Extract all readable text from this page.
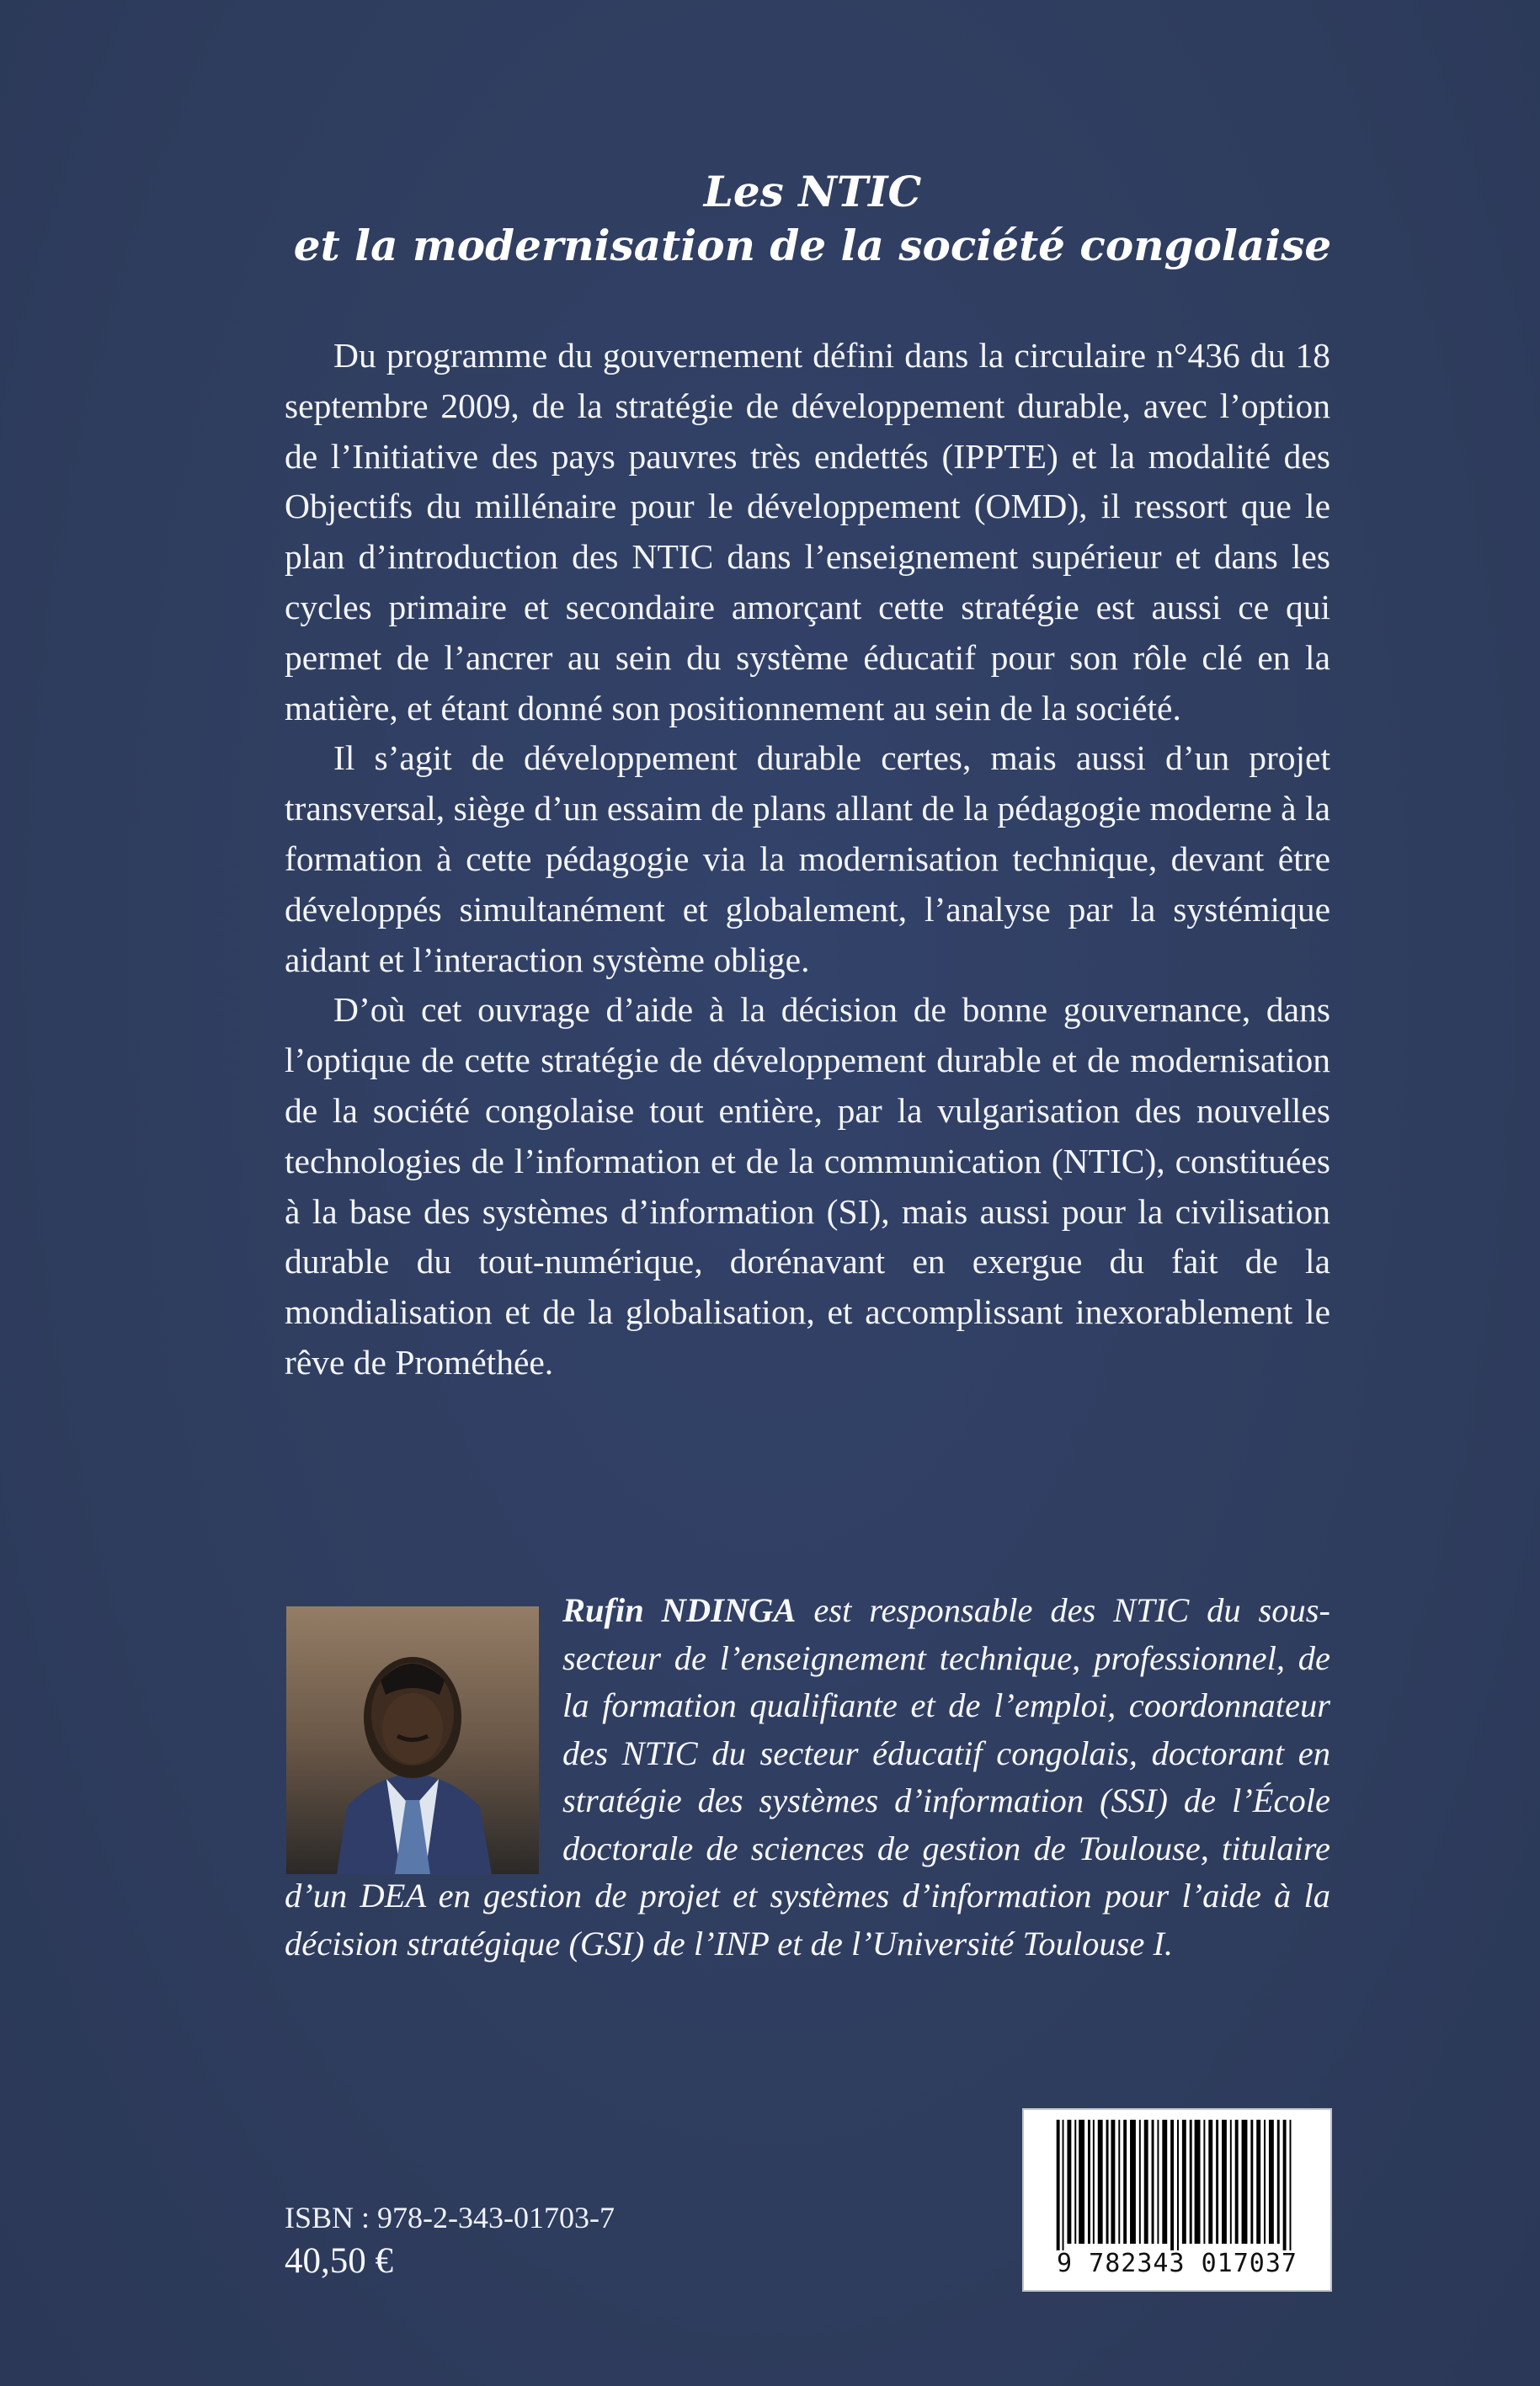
Les NTIC
et la modernisation de la société congolaise

Du programme du gouvernement défini dans la circulaire n°436 du 18 septembre 2009, de la stratégie de développement durable, avec l’option de l’Initiative des pays pauvres très endettés (IPPTE) et la modalité des Objectifs du millénaire pour le développement (OMD), il ressort que le plan d’introduction des NTIC dans l’enseignement supérieur et dans les cycles primaire et secondaire amorçant cette stratégie est aussi ce qui permet de l’ancrer au sein du système éducatif pour son rôle clé en la matière, et étant donné son positionnement au sein de la société.

Il s’agit de développement durable certes, mais aussi d’un projet transversal, siège d’un essaim de plans allant de la pédagogie moderne à la formation à cette pédagogie via la modernisation technique, devant être développés simultanément et globalement, l’analyse par la systémique aidant et l’interaction système oblige.

D’où cet ouvrage d’aide à la décision de bonne gouvernance, dans l’optique de cette stratégie de développement durable et de modernisation de la société congolaise tout entière, par la vulgarisation des nouvelles technologies de l’information et de la communication (NTIC), constituées à la base des systèmes d’information (SI), mais aussi pour la civilisation durable du tout-numérique, dorénavant en exergue du fait de la mondialisation et de la globalisation, et accomplissant inexorablement le rêve de Prométhée.

Rufin NDINGA est responsable des NTIC du sous-secteur de l’enseignement technique, professionnel, de la formation qualifiante et de l’emploi, coordonnateur des NTIC du secteur éducatif congolais, doctorant en stratégie des systèmes d’information (SSI) de l’École doctorale de sciences de gestion de Toulouse, titulaire d’un DEA en gestion de projet et systèmes d’information pour l’aide à la décision stratégique (GSI) de l’INP et de l’Université Toulouse I.
ISBN : 978-2-343-01703-7
40,50 €	9 782343 017037
